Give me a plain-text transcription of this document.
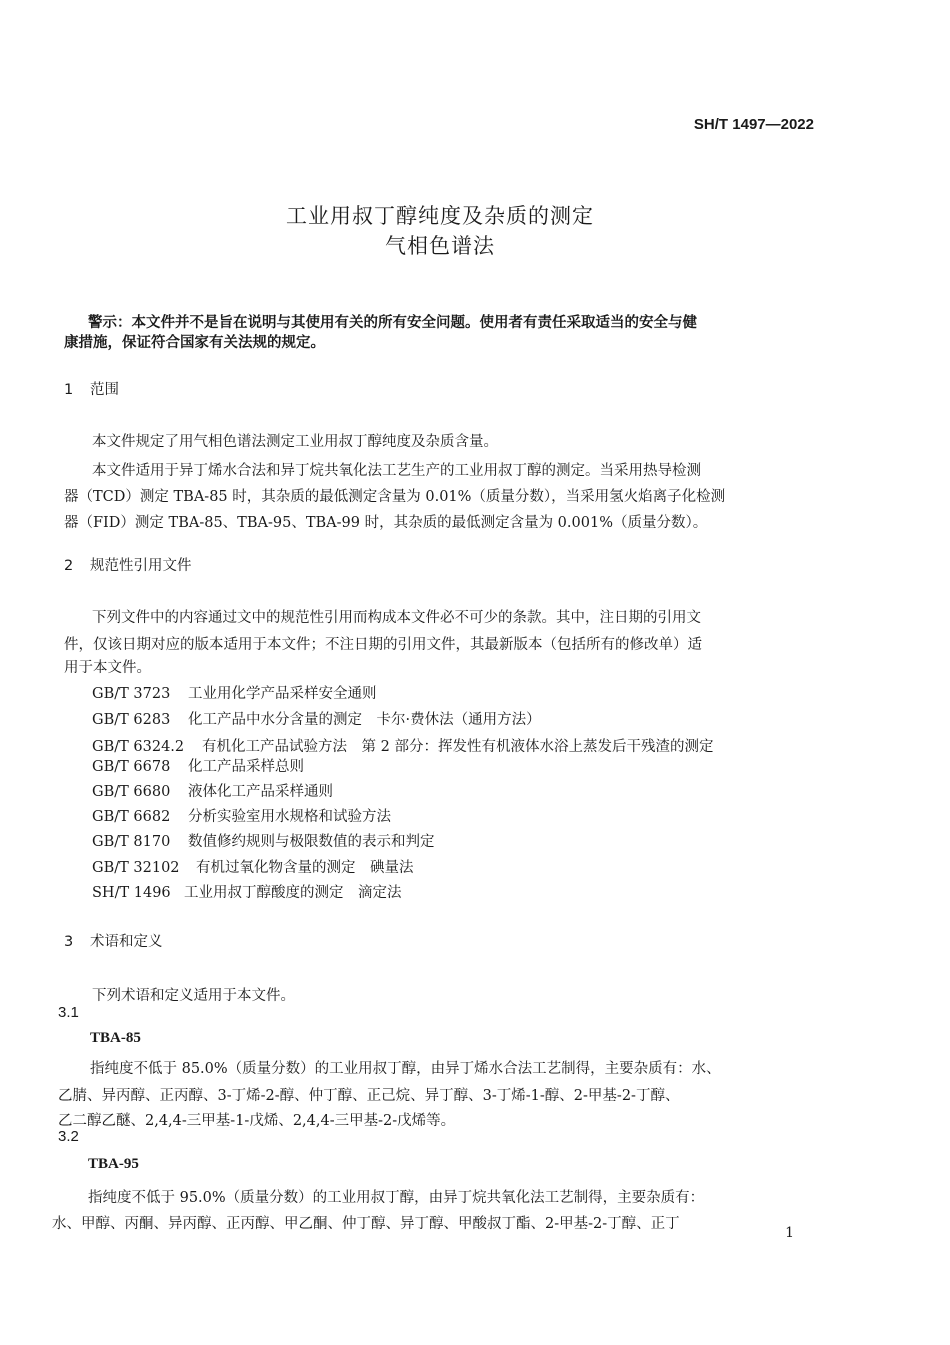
SH/T 1497—2022
工业用叔丁醇纯度及杂质的测定
气相色谱法
警示：本文件并不是旨在说明与其使用有关的所有安全问题。使用者有责任采取适当的安全与健
康措施，保证符合国家有关法规的规定。
1 范围
本文件规定了用气相色谱法测定工业用叔丁醇纯度及杂质含量。
本文件适用于异丁烯水合法和异丁烷共氧化法工艺生产的工业用叔丁醇的测定。当采用热导检测
器（TCD）测定 TBA-85 时，其杂质的最低测定含量为 0.01%（质量分数），当采用氢火焰离子化检测
器（FID）测定 TBA-85、TBA-95、TBA-99 时，其杂质的最低测定含量为 0.001%（质量分数）。
2 规范性引用文件
下列文件中的内容通过文中的规范性引用而构成本文件必不可少的条款。其中，注日期的引用文
件，仅该日期对应的版本适用于本文件；不注日期的引用文件，其最新版本（包括所有的修改单）适
用于本文件。
GB/T 3723 工业用化学产品采样安全通则
GB/T 6283 化工产品中水分含量的测定　卡尔·费休法（通用方法）
GB/T 6324.2 有机化工产品试验方法　第 2 部分：挥发性有机液体水浴上蒸发后干残渣的测定
GB/T 6678 化工产品采样总则
GB/T 6680 液体化工产品采样通则
GB/T 6682 分析实验室用水规格和试验方法
GB/T 8170 数值修约规则与极限数值的表示和判定
GB/T 32102 有机过氧化物含量的测定　碘量法
SH/T 1496 工业用叔丁醇酸度的测定　滴定法
3 术语和定义
下列术语和定义适用于本文件。
3.1
TBA-85
指纯度不低于 85.0%（质量分数）的工业用叔丁醇，由异丁烯水合法工艺制得，主要杂质有：水、
乙腈、异丙醇、正丙醇、3-丁烯-2-醇、仲丁醇、正己烷、异丁醇、3-丁烯-1-醇、2-甲基-2-丁醇、
乙二醇乙醚、2,4,4-三甲基-1-戊烯、2,4,4-三甲基-2-戊烯等。
3.2
TBA-95
指纯度不低于 95.0%（质量分数）的工业用叔丁醇，由异丁烷共氧化法工艺制得，主要杂质有：
水、甲醇、丙酮、异丙醇、正丙醇、甲乙酮、仲丁醇、异丁醇、甲酸叔丁酯、2-甲基-2-丁醇、正丁
1
